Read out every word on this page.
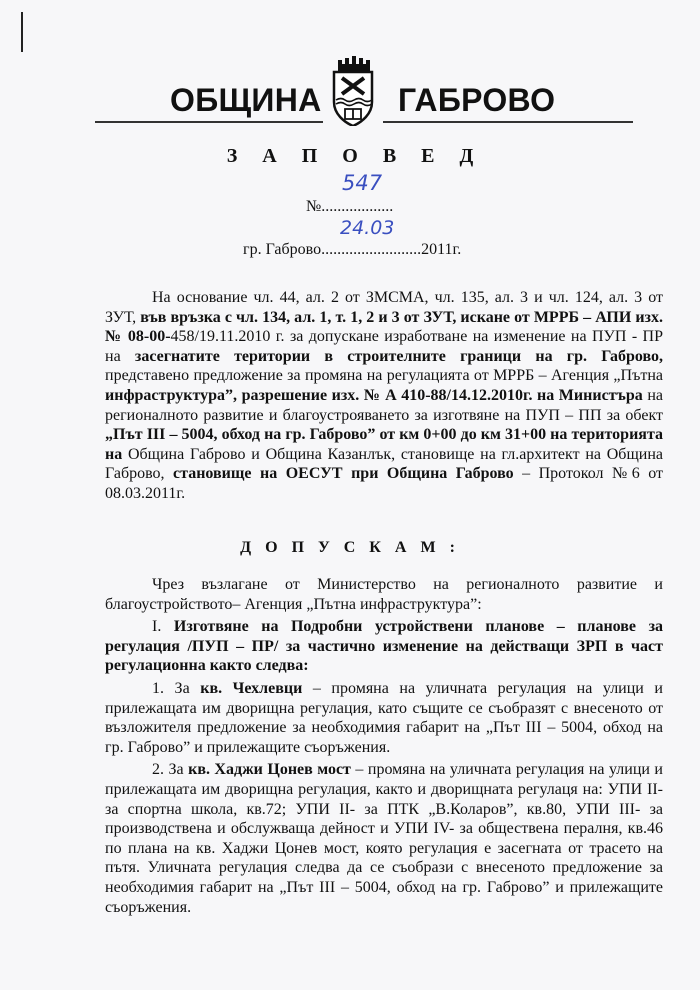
ОБЩИНА ГАБРОВО
З А П О В Е Д
547
№..................
24.03
гр. Габрово.........................2011г.

На основание чл. 44, ал. 2 от ЗМСМА, чл. 135, ал. 3 и чл. 124, ал. 3 от ЗУТ, във връзка с чл. 134, ал. 1, т. 1, 2 и 3 от ЗУТ, искане от МРРБ – АПИ изх. № 08-00-458/19.11.2010 г. за допускане изработване на изменение на ПУП - ПР на засегнатите територии в строителните граници на гр. Габрово, представено предложение за промяна на регулацията от МРРБ – Агенция „Пътна инфраструктура”, разрешение изх. № А 410-88/14.12.2010г. на Министъра на регионалното развитие и благоустрояването за изготвяне на ПУП – ПП за обект „Път III – 5004, обход на гр. Габрово” от км 0+00 до км 31+00 на територията на Община Габрово и Община Казанлък, становище на гл.архитект на Община Габрово, становище на ОЕСУТ при Община Габрово – Протокол №6 от 08.03.2011г.

Д О П У С К А М :

Чрез възлагане от Министерство на регионалното развитие и благоустройството– Агенция „Пътна инфраструктура”:

I. Изготвяне на Подробни устройствени планове – планове за регулация /ПУП – ПР/ за частично изменение на действащи ЗРП в част регулационна както следва:

1. За кв. Чехлевци – промяна на уличната регулация на улици и прилежащата им дворищна регулация, като същите се съобразят с внесеното от възложителя предложение за необходимия габарит на „Път III – 5004, обход на гр. Габрово” и прилежащите съоръжения.

2. За кв. Хаджи Цонев мост – промяна на уличната регулация на улици и прилежащата им дворищна регулация, както и дворищната регулаця на: УПИ II- за спортна школа, кв.72; УПИ II- за ПТК „В.Коларов”, кв.80, УПИ III- за производствена и обслужваща дейност и УПИ IV- за обществена пералня, кв.46 по плана на кв. Хаджи Цонев мост, която регулация е засегната от трасето на пътя. Уличната регулация следва да се съобрази с внесеното предложение за необходимия габарит на „Път III – 5004, обход на гр. Габрово” и прилежащите съоръжения.
